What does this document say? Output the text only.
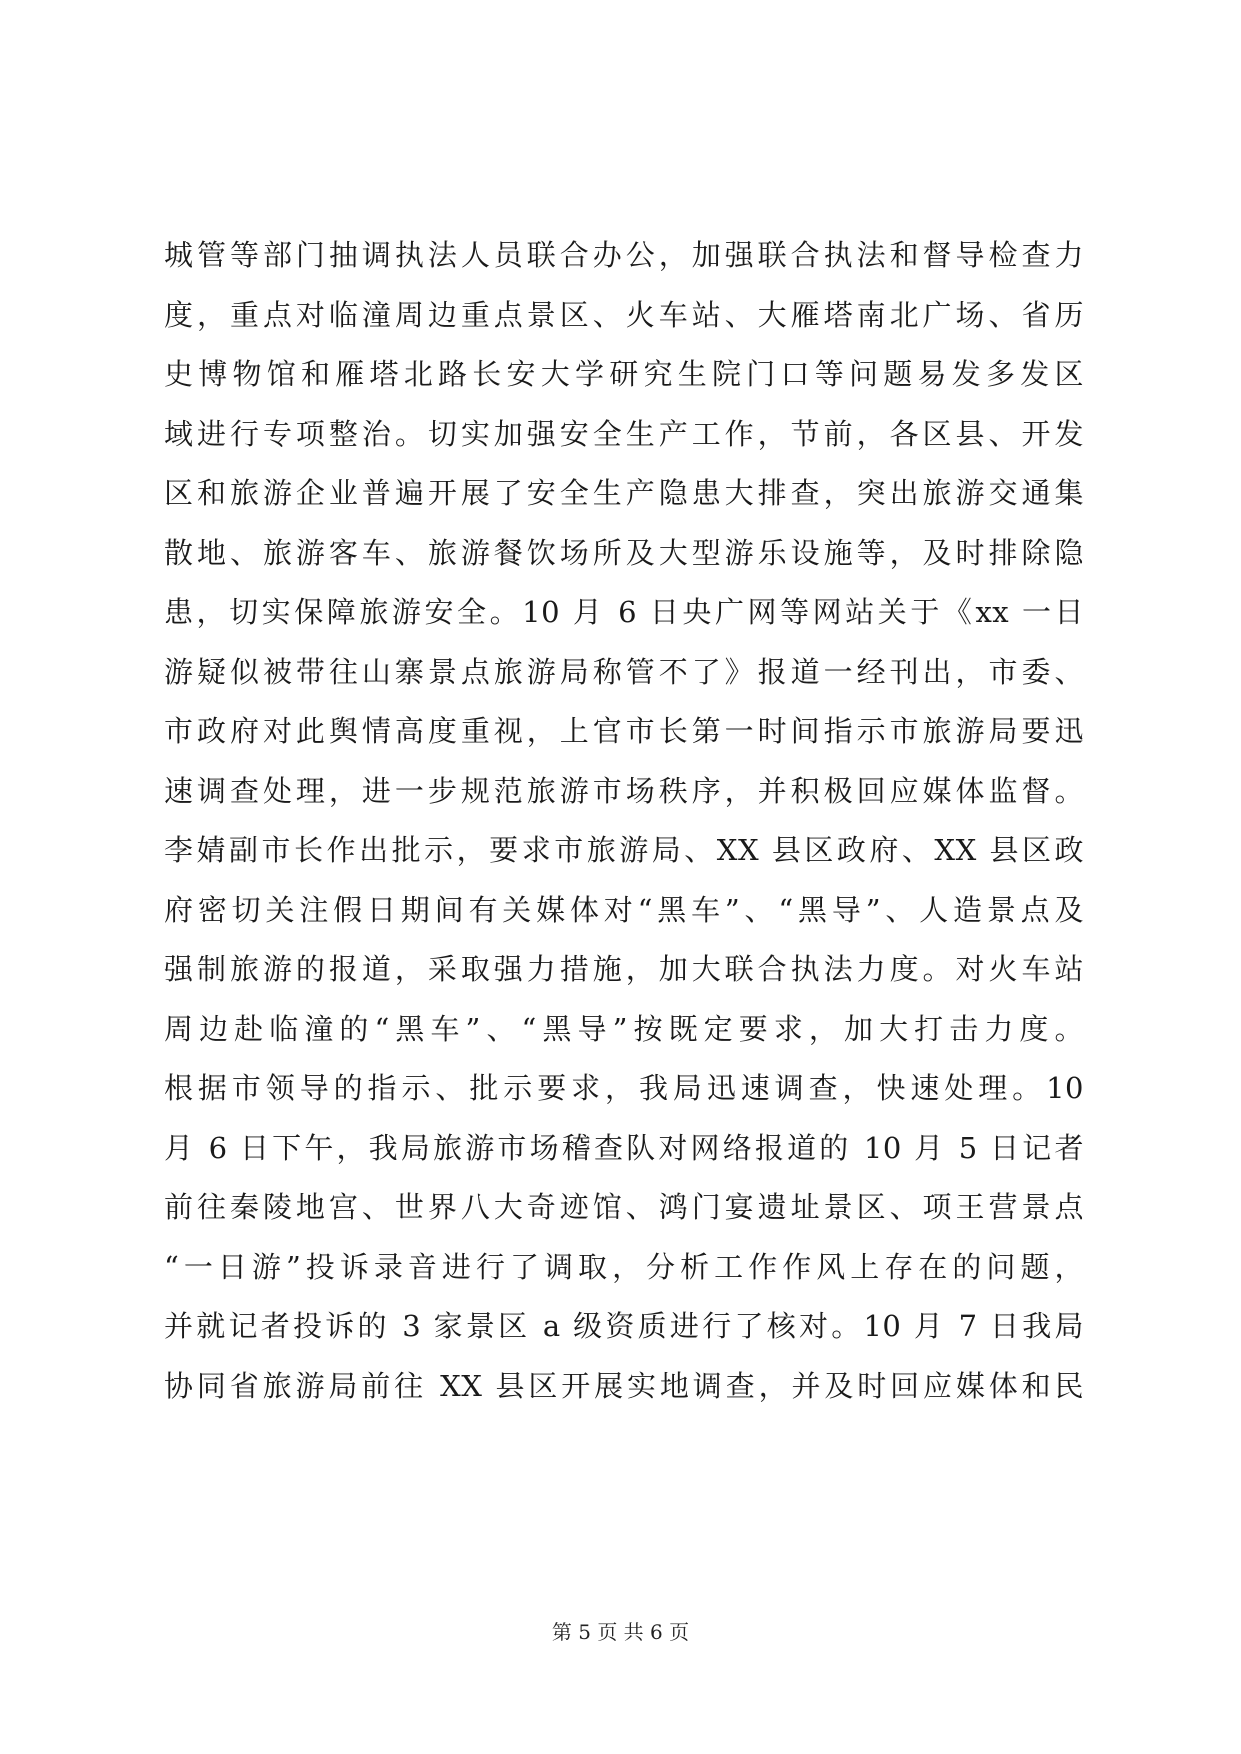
城管等部门抽调执法人员联合办公，加强联合执法和督导检查力
度，重点对临潼周边重点景区、火车站、大雁塔南北广场、省历
史博物馆和雁塔北路长安大学研究生院门口等问题易发多发区
域进行专项整治。切实加强安全生产工作，节前，各区县、开发
区和旅游企业普遍开展了安全生产隐患大排查，突出旅游交通集
散地、旅游客车、旅游餐饮场所及大型游乐设施等，及时排除隐
患，切实保障旅游安全。10 月 6 日央广网等网站关于《xx 一日
游疑似被带往山寨景点旅游局称管不了》报道一经刊出，市委、
市政府对此舆情高度重视，上官市长第一时间指示市旅游局要迅
速调查处理，进一步规范旅游市场秩序，并积极回应媒体监督。
李婧副市长作出批示，要求市旅游局、XX 县区政府、XX 县区政
府密切关注假日期间有关媒体对“黑车”、“黑导”、人造景点及
强制旅游的报道，采取强力措施，加大联合执法力度。对火车站
周边赴临潼的“黑车”、“黑导”按既定要求，加大打击力度。
根据市领导的指示、批示要求，我局迅速调查，快速处理。10
月 6 日下午，我局旅游市场稽查队对网络报道的 10 月 5 日记者
前往秦陵地宫、世界八大奇迹馆、鸿门宴遗址景区、项王营景点
“一日游”投诉录音进行了调取，分析工作作风上存在的问题，
并就记者投诉的 3 家景区 a 级资质进行了核对。10 月 7 日我局
协同省旅游局前往 XX 县区开展实地调查，并及时回应媒体和民
第 5 页 共 6 页
